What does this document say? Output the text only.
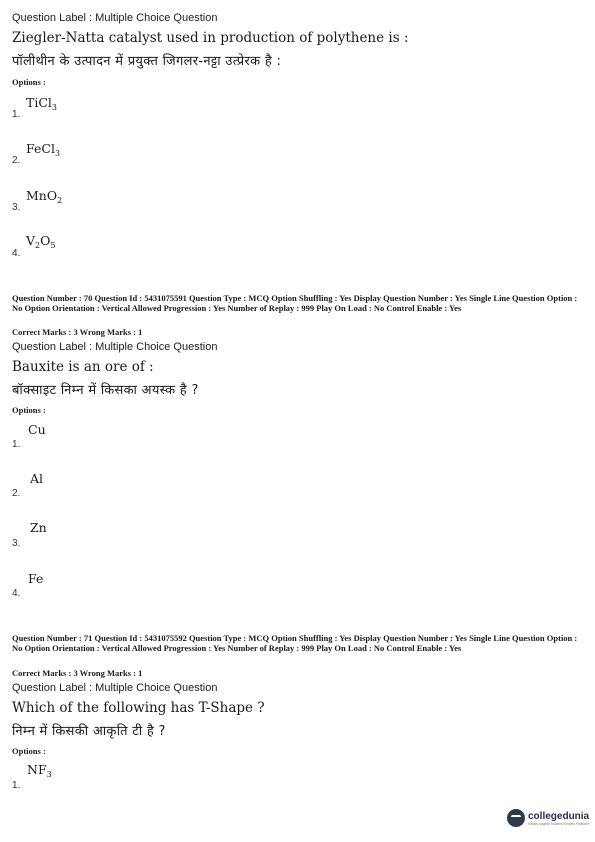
Question Label : Multiple Choice Question
Ziegler-Natta catalyst used in production of polythene is :
पॉलीथीन के उत्पादन में प्रयुक्त जिगलर-नट्टा उत्प्रेरक है :
Options :
TiCl$_3$
1.
FeCl$_3$
2.
MnO$_2$
3.
$V_2O_5$
4.
Question Number : 70 Question Id : 5431075591 Question Type : MCQ Option Shuffling : Yes Display Question Number : Yes Single Line Question Option : No Option Orientation : Vertical Allowed Progression : Yes Number of Replay : 999 Play On Load : No Control Enable : Yes
Correct Marks : 3 Wrong Marks : 1
Question Label : Multiple Choice Question
Bauxite is an ore of :
बॉक्साइट निम्न में किसका अयस्क है ?
Options :
Cu
1.
Al
2.
Zn
3.
Fe
4.
Question Number : 71 Question Id : 5431075592 Question Type : MCQ Option Shuffling : Yes Display Question Number : Yes Single Line Question Option : No Option Orientation : Vertical Allowed Progression : Yes Number of Replay : 999 Play On Load : No Control Enable : Yes
Correct Marks : 3 Wrong Marks : 1
Question Label : Multiple Choice Question
Which of the following has T-Shape ?
निम्न में किसकी आकृति टी है ?
Options :
$NF_3$
1.
collegedunia
India's largest Student Review Platform
